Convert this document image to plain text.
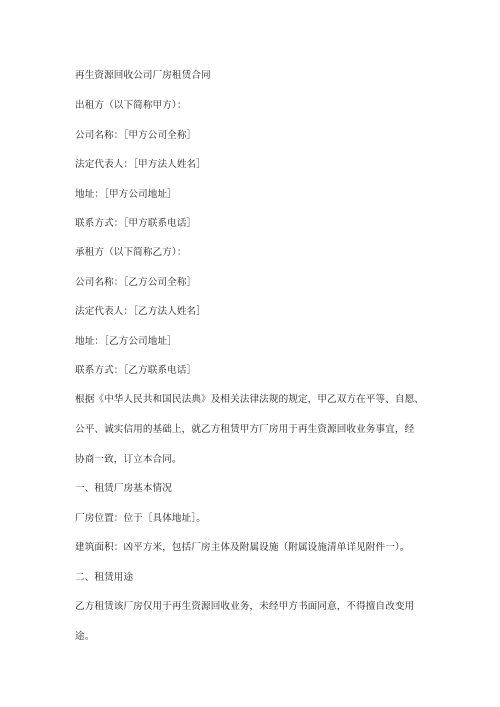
再生资源回收公司厂房租赁合同
出租方（以下简称甲方）：
公司名称：［甲方公司全称］
法定代表人：［甲方法人姓名］
地址：［甲方公司地址］
联系方式：［甲方联系电话］
承租方（以下简称乙方）：
公司名称：［乙方公司全称］
法定代表人：［乙方法人姓名］
地址：［乙方公司地址］
联系方式：［乙方联系电话］
根据《中华人民共和国民法典》及相关法律法规的规定，甲乙双方在平等、自愿、
公平、诚实信用的基础上，就乙方租赁甲方厂房用于再生资源回收业务事宜，经
协商一致，订立本合同。
一、租赁厂房基本情况
厂房位置：位于［具体地址］。
建筑面积：凶平方米，包括厂房主体及附属设施（附属设施清单详见附件一）。
二、租赁用途
乙方租赁该厂房仅用于再生资源回收业务，未经甲方书面同意，不得擅自改变用
途。
